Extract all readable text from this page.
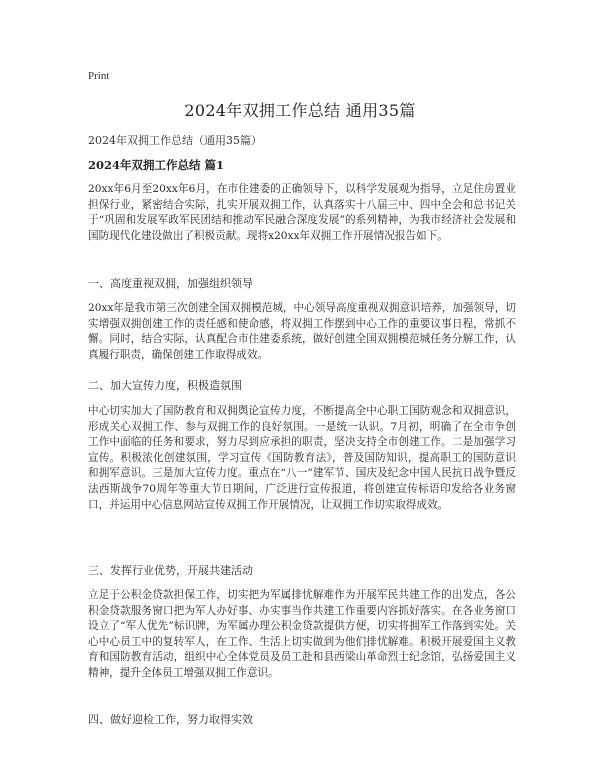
Print
2024年双拥工作总结 通用35篇
2024年双拥工作总结（通用35篇）
2024年双拥工作总结 篇1

20xx年6月至20xx年6月，在市住建委的正确领导下，以科学发展观为指导，立足住房置业担保行业，紧密结合实际，扎实开展双拥工作，认真落实十八届三中、四中全会和总书记关于“巩固和发展军政军民团结和推动军民融合深度发展”的系列精神，为我市经济社会发展和国防现代化建设做出了积极贡献。现将x20xx年双拥工作开展情况报告如下。

一、高度重视双拥，加强组织领导

20xx年是我市第三次创建全国双拥模范城，中心领导高度重视双拥意识培养，加强领导，切实增强双拥创建工作的责任感和使命感，将双拥工作摆到中心工作的重要议事日程，常抓不懈。同时，结合实际，认真配合市住建委系统，做好创建全国双拥模范城任务分解工作，认真履行职责，确保创建工作取得成效。

二、加大宣传力度，积极造氛围

中心切实加大了国防教育和双拥舆论宣传力度，不断提高全中心职工国防观念和双拥意识，形成关心双拥工作、参与双拥工作的良好氛围。一是统一认识。7月初，明确了在全市争创工作中面临的任务和要求，努力尽到应承担的职责，坚决支持全市创建工作。二是加强学习宣传。积极浓化创建氛围，学习宣传《国防教育法》，普及国防知识，提高职工的国防意识和拥军意识。三是加大宣传力度。重点在“八一”建军节、国庆及纪念中国人民抗日战争暨反法西斯战争70周年等重大节日期间，广泛进行宣传报道，将创建宣传标语印发给各业务窗口，并运用中心信息网站宣传双拥工作开展情况，让双拥工作切实取得成效。

三、发挥行业优势，开展共建活动

立足于公积金贷款担保工作，切实把为军属排忧解难作为开展军民共建工作的出发点，各公积金贷款服务窗口把为军人办好事、办实事当作共建工作重要内容抓好落实。在各业务窗口设立了“军人优先”标识牌，为军属办理公积金贷款提供方便，切实将拥军工作落到实处。关心中心员工中的复转军人，在工作、生活上切实做到为他们排忧解难。积极开展爱国主义教育和国防教育活动，组织中心全体党员及员工赴和县西梁山革命烈士纪念馆，弘扬爱国主义精神，提升全体员工增强双拥工作意识。

四、做好迎检工作，努力取得实效
